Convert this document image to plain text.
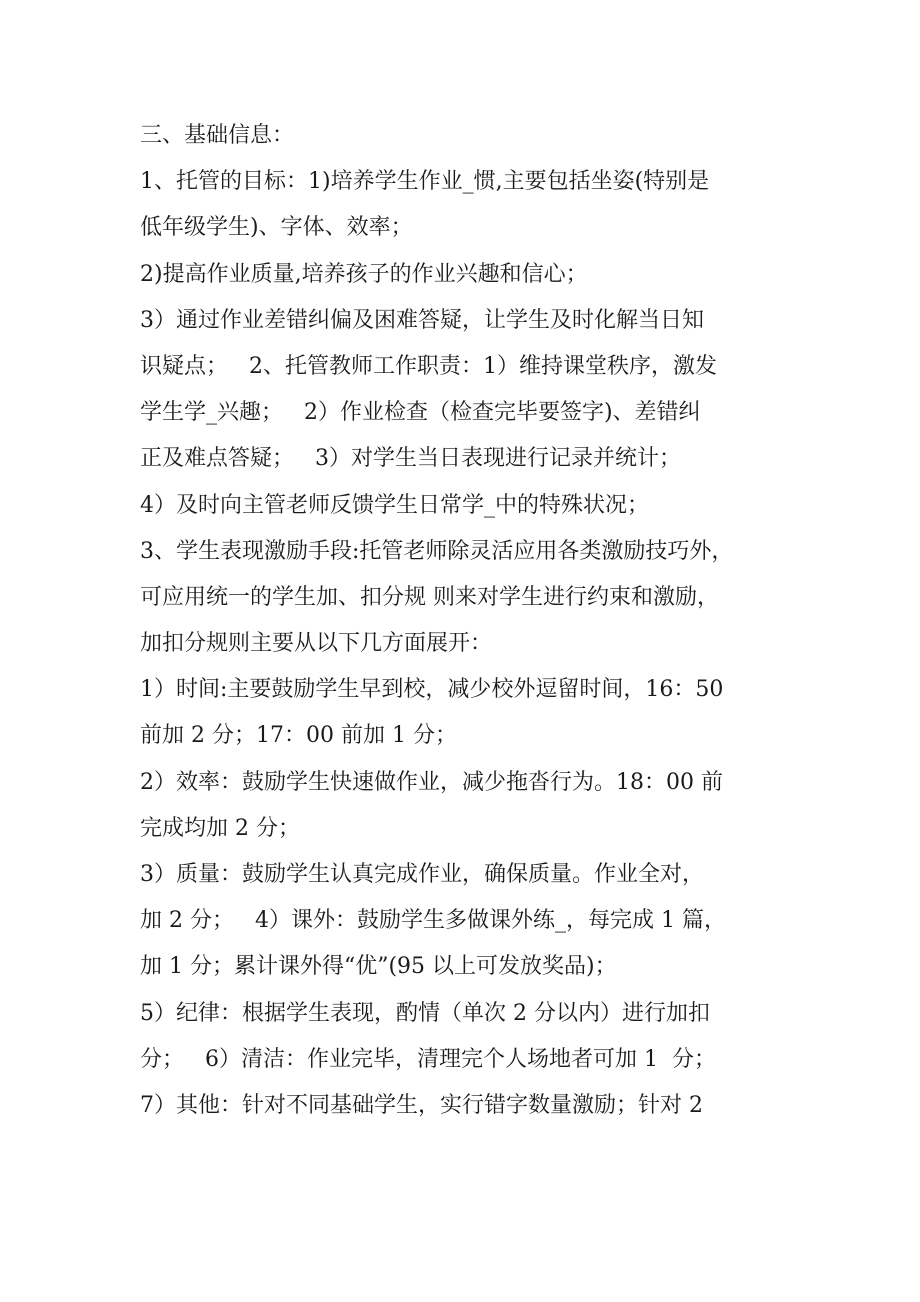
三、基础信息：
1、托管的目标：1)培养学生作业_惯,主要包括坐姿(特别是
低年级学生)、字体、效率；
2)提高作业质量,培养孩子的作业兴趣和信心；
3）通过作业差错纠偏及困难答疑，让学生及时化解当日知
识疑点；   2、托管教师工作职责：1）维持课堂秩序，激发
学生学_兴趣；   2）作业检查（检查完毕要签字)、差错纠
正及难点答疑；   3）对学生当日表现进行记录并统计；
4）及时向主管老师反馈学生日常学_中的特殊状况；
3、学生表现激励手段:托管老师除灵活应用各类激励技巧外，
可应用统一的学生加、扣分规 则来对学生进行约束和激励，
加扣分规则主要从以下几方面展开：
1）时间:主要鼓励学生早到校，减少校外逗留时间，16：50
前加 2 分；17：00 前加 1 分；
2）效率：鼓励学生快速做作业，减少拖沓行为。18：00 前
完成均加 2 分；
3）质量：鼓励学生认真完成作业，确保质量。作业全对，
加 2 分；   4）课外：鼓励学生多做课外练_，每完成 1 篇，
加 1 分；累计课外得“优”(95 以上可发放奖品)；
5）纪律：根据学生表现，酌情（单次 2 分以内）进行加扣
分；   6）清洁：作业完毕，清理完个人场地者可加 1  分；
7）其他：针对不同基础学生，实行错字数量激励；针对 2
